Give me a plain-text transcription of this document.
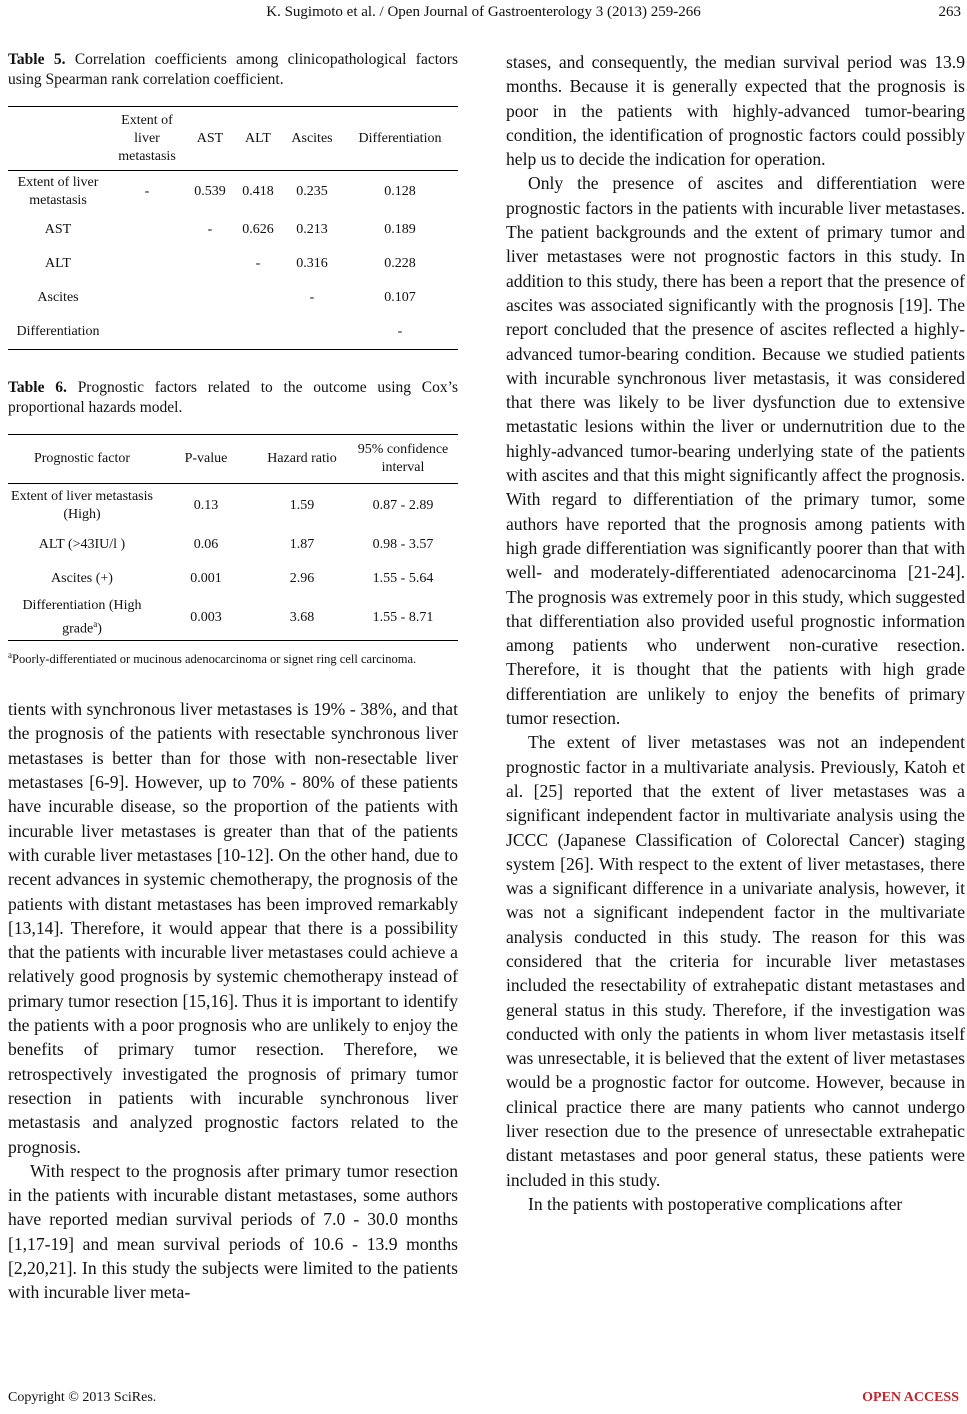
K. Sugimoto et al. / Open Journal of Gastroenterology 3 (2013) 259-266	263

Table 5. Correlation coefficients among clinicopathological factors using Spearman rank correlation coefficient.

	Extent of liver metastasis	AST	ALT	Ascites	Differentiation
Extent of liver metastasis	-	0.539	0.418	0.235	0.128
AST		-	0.626	0.213	0.189
ALT			-	0.316	0.228
Ascites				-	0.107
Differentiation					-

Table 6. Prognostic factors related to the outcome using Cox’s proportional hazards model.

Prognostic factor	P-value	Hazard ratio	95% confidence interval
Extent of liver metastasis (High)	0.13	1.59	0.87 - 2.89
ALT (>43IU/l )	0.06	1.87	0.98 - 3.57
Ascites (+)	0.001	2.96	1.55 - 5.64
Differentiation (High grade$^a$)	0.003	3.68	1.55 - 8.71

$^a$Poorly-differentiated or mucinous adenocarcinoma or signet ring cell carcinoma.

tients with synchronous liver metastases is 19% - 38%, and that the prognosis of the patients with resectable synchronous liver metastases is better than for those with non-resectable liver metastases [6-9]. However, up to 70% - 80% of these patients have incurable disease, so the proportion of the patients with incurable liver metastases is greater than that of the patients with curable liver metastases [10-12]. On the other hand, due to recent advances in systemic chemotherapy, the prognosis of the patients with distant metastases has been improved remarkably [13,14]. Therefore, it would appear that there is a possibility that the patients with incurable liver metastases could achieve a relatively good prognosis by systemic chemotherapy instead of primary tumor resection [15,16]. Thus it is important to identify the patients with a poor prognosis who are unlikely to enjoy the benefits of primary tumor resection. Therefore, we retrospectively investigated the prognosis of primary tumor resection in patients with incurable synchronous liver metastasis and analyzed prognostic factors related to the prognosis.

With respect to the prognosis after primary tumor resection in the patients with incurable distant metastases, some authors have reported median survival periods of 7.0 - 30.0 months [1,17-19] and mean survival periods of 10.6 - 13.9 months [2,20,21]. In this study the subjects were limited to the patients with incurable liver meta-

stases, and consequently, the median survival period was 13.9 months. Because it is generally expected that the prognosis is poor in the patients with highly-advanced tumor-bearing condition, the identification of prognostic factors could possibly help us to decide the indication for operation.

Only the presence of ascites and differentiation were prognostic factors in the patients with incurable liver metastases. The patient backgrounds and the extent of primary tumor and liver metastases were not prognostic factors in this study. In addition to this study, there has been a report that the presence of ascites was associated significantly with the prognosis [19]. The report concluded that the presence of ascites reflected a highly-advanced tumor-bearing condition. Because we studied patients with incurable synchronous liver metastasis, it was considered that there was likely to be liver dysfunction due to extensive metastatic lesions within the liver or undernutrition due to the highly-advanced tumor-bearing underlying state of the patients with ascites and that this might significantly affect the prognosis. With regard to differentiation of the primary tumor, some authors have reported that the prognosis among patients with high grade differentiation was significantly poorer than that with well- and moderately-differentiated adenocarcinoma [21-24]. The prognosis was extremely poor in this study, which suggested that differentiation also provided useful prognostic information among patients who underwent non-curative resection. Therefore, it is thought that the patients with high grade differentiation are unlikely to enjoy the benefits of primary tumor resection.

The extent of liver metastases was not an independent prognostic factor in a multivariate analysis. Previously, Katoh et al. [25] reported that the extent of liver metastases was a significant independent factor in multivariate analysis using the JCCC (Japanese Classification of Colorectal Cancer) staging system [26]. With respect to the extent of liver metastases, there was a significant difference in a univariate analysis, however, it was not a significant independent factor in the multivariate analysis conducted in this study. The reason for this was considered that the criteria for incurable liver metastases included the resectability of extrahepatic distant metastases and general status in this study. Therefore, if the investigation was conducted with only the patients in whom liver metastasis itself was unresectable, it is believed that the extent of liver metastases would be a prognostic factor for outcome. However, because in clinical practice there are many patients who cannot undergo liver resection due to the presence of unresectable extrahepatic distant metastases and poor general status, these patients were included in this study.

In the patients with postoperative complications after

Copyright © 2013 SciRes.	OPEN ACCESS
